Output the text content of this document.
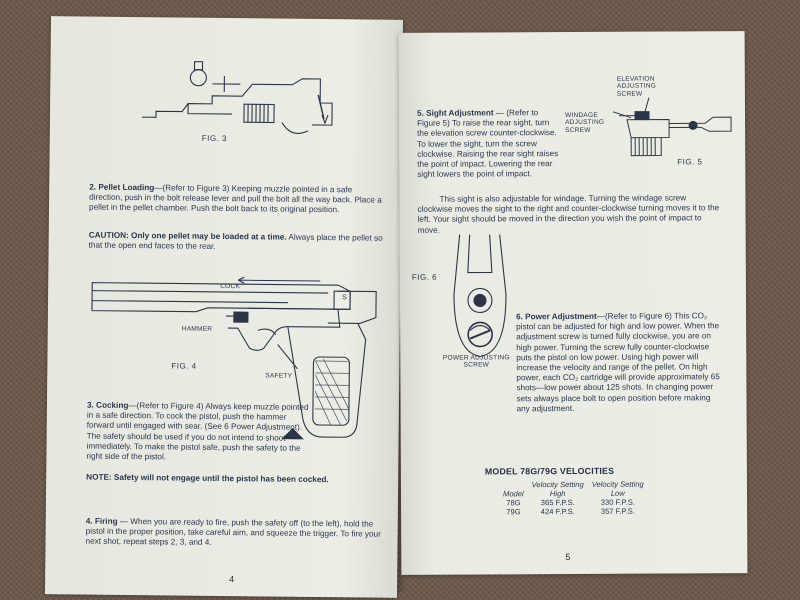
FIG. 3

2. Pellet Loading—(Refer to Figure 3) Keeping muzzle pointed in a safe direction, push in the bolt release lever and pull the bolt all the way back. Place a pellet in the pellet chamber. Push the bolt back to its original position.

CAUTION: Only one pellet may be loaded at a time. Always place the pellet so that the open end faces to the rear.

S
COCK
HAMMER
SAFETY
FIG. 4

3. Cocking—(Refer to Figure 4) Always keep muzzle pointed in a safe direction. To cock the pistol, push the hammer forward until engaged with sear. (See 6 Power Adjustment). The safety should be used if you do not intend to shoot immediately. To make the pistol safe, push the safety to the right side of the pistol.

NOTE: Safety will not engage until the pistol has been cocked.

4. Firing — When you are ready to fire, push the safety off (to the left), hold the pistol in the proper position, take careful aim, and squeeze the trigger. To fire your next shot, repeat steps 2, 3, and 4.

4

5. Sight Adjustment — (Refer to Figure 5) To raise the rear sight, turn the elevation screw counter-clockwise. To lower the sight, turn the screw clockwise. Raising the rear sight raises the point of impact. Lowering the rear sight lowers the point of impact.

ELEVATION ADJUSTING SCREW
WINDAGE ADJUSTING SCREW
FIG. 5

This sight is also adjustable for windage. Turning the windage screw clockwise moves the sight to the right and counter-clockwise turning moves it to the left. Your sight should be moved in the direction you wish the point of impact to move.

FIG. 6
POWER ADJUSTING SCREW

6. Power Adjustment—(Refer to Figure 6) This CO₂ pistol can be adjusted for high and low power. When the adjustment screw is turned fully clockwise, you are on high power. Turning the screw fully counter-clockwise puts the pistol on low power. Using high power will increase the velocity and range of the pellet. On high power, each CO₂ cartridge will provide approximately 65 shots—low power about 125 shots. In changing power sets always place bolt to open position before making any adjustment.

MODEL 78G/79G VELOCITIES
	Velocity Setting	Velocity Setting
Model	High	Low
78G	365 F.P.S.	330 F.P.S.
79G	424 F.P.S.	357 F.P.S.
5
